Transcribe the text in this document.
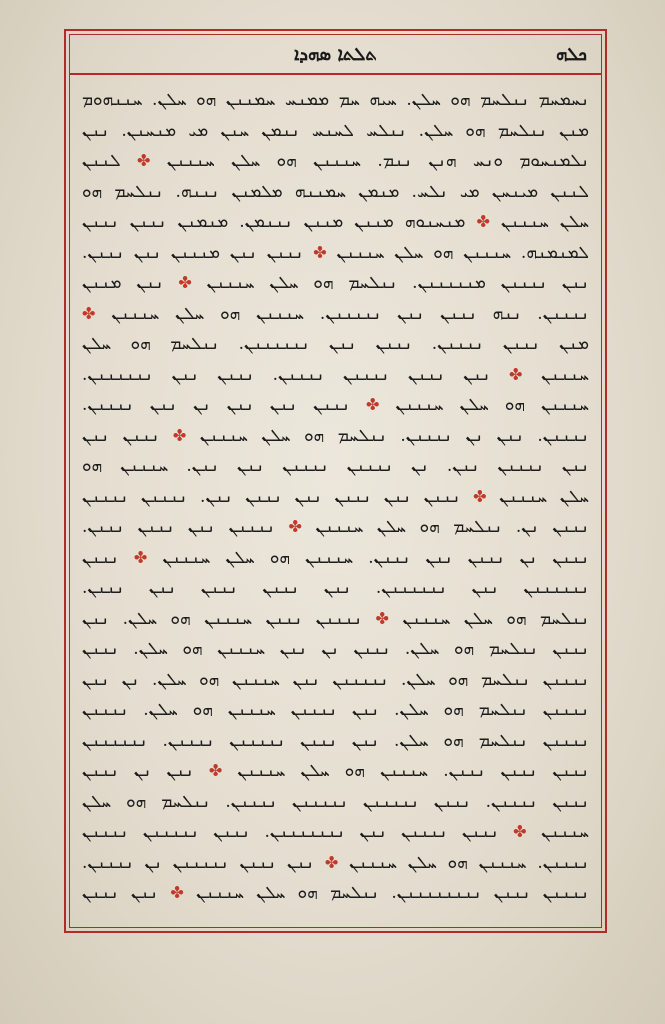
ܬܠܬܐ ܣܗܕܐ	ܟܠܗ
ܢܚܡܚܡ ܢܢܠܚܡ ܗܘ ܚܠܢ. ܚܝܗ ܚܡ ܡܡܢܚ ܚܡܢܢܢ ܗܘ ܚܠܢ. ܚܢܢܗܘܡ
ܡܢܢ ܢܢܠܚܡ ܗܘ ܚܠܢ. ܢܢܠܚ ܠܚܢܚ ܢܢܡܢ ܚܢܢ ܡܝ ܡܢܚܢܢ. ܢܢܢ
ܢܠܡܢܚܘܡ ܘܢܚ ܗܢܢ ܢܢܡ. ܚܢܢܢܢ ܗܘ ܚܠܢ ܚܢܢܢܢ ✤ ܠܢܢܢ
ܠܢܢܢ ܡܝܢܚܢ ܡܝ ܢܠܚ. ܡܢܡܢ ܚܡܢܢܗ ܡܠܡܢܢ ܢܢܢܗ. ܢܢܠܚܡ ܗܘ
ܚܠܢ ܚܢܢܢܢ ✤ ܡܢܚܢܘܗ ܡܢܢܢ ܡܢܢܢ ܢܢܢܡܢ. ܡܢܡܢܢ ܢܢܢܢ ܢܢܢܢ
ܠܡܢܡܢܗ. ܚܢܢܢܢ ܗܘ ܚܠܢ ܚܢܢܢܢ ✤ ܢܢܢܢ ܢܢܢ ܡܢܢܢܢ ܢܢܢ ܢܢܢܢ.
ܢܢܢ ܢܢܢܢܢ ܡܢܢܢܢܢܢ. ܢܢܠܚܡ ܗܘ ܚܠܢ ܚܢܢܢܢ ✤ ܢܢܢ ܡܢܢܢ
ܢܢܢܢܢ. ܢܢܗ ܢܢܢܢ ܢܢܢ ܢܢܢܢܢܢ. ܚܢܢܢܢ ܗܘ ܚܠܢ ܚܢܢܢܢ ✤
ܡܢܢ ܢܢܢܢ ܢܢܢܢܢ. ܢܢܢܢ ܢܢܢ ܢܢܢܢܢܢܢ. ܢܢܠܚܡ ܗܘ ܚܠܢ
ܚܢܢܢܢ ✤ ܢܢܢ ܢܢܢܢ ܢܢܢܢܢ ܢܢܢܢܢ. ܢܢܢܢ ܢܢܢ ܢܢܢܢܢܢܢ.
ܚܢܢܢܢ ܗܘ ܚܠܢ ܚܢܢܢܢ ✤ ܢܢܢܢ ܢܢܢ ܢܢܢ ܢܢ ܢܢܢ ܢܢܢܢܢ.
ܢܢܢܢܢ. ܢܢܢ ܢܢ ܢܢܢܢܢ. ܢܢܠܚܡ ܗܘ ܚܠܢ ܚܢܢܢܢ ✤ ܢܢܢܢ ܢܢܢ
ܢܢܢ ܢܢܢܢܢ ܢܢܢ. ܢܢ ܢܢܢܢܢ ܢܢܢܢܢ ܢܢܢ ܢܢܢ. ܚܢܢܢܢ ܗܘ
ܚܠܢ ܚܢܢܢܢ ✤ ܢܢܢܢ ܢܢܢ ܢܢܢܢ ܢܢܢ ܢܢܢܢ ܢܢܢ. ܢܢܢܢܢ ܢܢܢܢܢ
ܢܢܢܢ ܢܢ. ܢܢܠܚܡ ܗܘ ܚܠܢ ܚܢܢܢܢ ✤ ܢܢܢܢܢ ܢܢܢ ܢܢܢܢ ܢܢܢܢ.
ܢܢܢܢ ܢܢ ܢܢܢܢ ܢܢܢ ܢܢܢܢ. ܚܢܢܢܢ ܗܘ ܚܠܢ ܚܢܢܢܢ ✤ ܢܢܢܢ
ܢܢܢܢܢܢܢ ܢܢܢ ܢܢܢܢܢܢܢ. ܢܢܢ ܢܢܢܢ ܢܢܢܢ ܢܢܢ ܢܢܢܢ.
ܢܢܠܚܡ ܗܘ ܚܠܢ ܚܢܢܢܢ ✤ ܢܢܢܢܢ ܢܢܢܢ ܚܢܢܢܢ ܗܘ ܚܠܢ. ܢܢܢ
ܢܢܢܢ ܢܢܠܚܡ ܗܘ ܚܠܢ. ܢܢܢܢ ܢܢ ܢܢܢ ܚܢܢܢܢ ܗܘ ܚܠܢ. ܢܢܢܢ
ܢܢܢܢܢ ܢܢܠܚܡ ܗܘ ܚܠܢ. ܢܢܢܢܢܢ ܢܢܢ ܚܢܢܢܢ ܗܘ ܚܠܢ. ܢܢ ܢܢܢ
ܢܢܢܢܢ ܢܢܠܚܡ ܗܘ ܚܠܢ. ܢܢܢ ܢܢܢܢܢ ܚܢܢܢܢ ܗܘ ܚܠܢ. ܢܢܢܢܢ
ܢܢܢܢܢ ܢܢܠܚܡ ܗܘ ܚܠܢ. ܢܢܢ ܢܢܢܢ ܢܢܢܢܢܢ ܢܢܢܢܢ. ܢܢܢܢܢܢܢ
ܢܢܢܢ ܢܢܢܢ ܢܢܢܢ. ܚܢܢܢܢ ܗܘ ܚܠܢ ܚܢܢܢܢ ✤ ܢܢܢ ܢܢ ܢܢܢܢ
ܢܢܢܢ ܢܢܢܢܢ. ܢܢܢܢ ܢܢܢܢܢܢ ܢܢܢܢܢܢ ܢܢܢܢܢ. ܢܢܠܚܡ ܗܘ ܚܠܢ
ܚܢܢܢܢ ✤ ܢܢܢܢ ܢܢܢܢܢ ܢܢܢ ܢܢܢܢܢܢܢܢ. ܢܢܢܢ ܢܢܢܢܢܢ ܢܢܢܢܢ
ܢܢܢܢܢ. ܚܢܢܢܢ ܗܘ ܚܠܢ ܚܢܢܢܢ ✤ ܢܢܢ ܢܢܢܢ ܢܢܢܢܢܢ ܢܢ ܢܢܢܢܢ.
ܢܢܢܢܢ ܢܢܢܢ ܢܢܢܢܢܢܢܢܢ. ܢܢܠܚܡ ܗܘ ܚܠܢ ܚܢܢܢܢ ✤ ܢܢܢ ܢܢܢܢ
